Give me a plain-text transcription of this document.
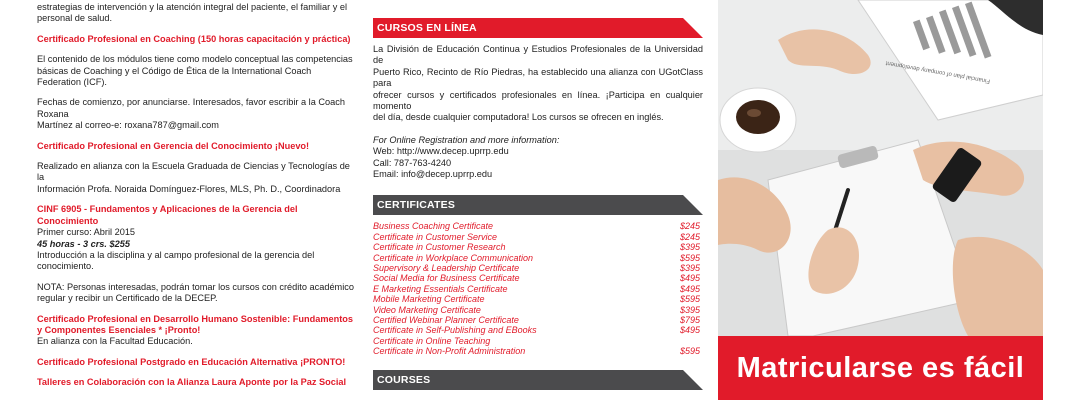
estrategias de intervención y la atención integral del paciente, el familiar y el
personal de salud.
Certificado Profesional en Coaching (150 horas capacitación y práctica)
El contenido de los módulos tiene como modelo conceptual las competencias
básicas de Coaching y el Código de Ética de la International Coach Federation (ICF).
Fechas de comienzo, por anunciarse. Interesados, favor escribir a la Coach Roxana
Martínez al correo-e: roxana787@gmail.com
Certificado Profesional en Gerencia del Conocimiento ¡Nuevo!
Realizado en alianza con la Escuela Graduada de Ciencias y Tecnologías de la
Información Profa. Noraida Domínguez-Flores, MLS, Ph. D., Coordinadora
CINF 6905 - Fundamentos y Aplicaciones de la Gerencia del
Conocimiento
Primer curso: Abril 2015
45 horas - 3 crs. $255
Introducción a la disciplina y al campo profesional de la gerencia del conocimiento.
NOTA: Personas interesadas, podrán tomar los cursos con crédito académico
regular y recibir un Certificado de la DECEP.
Certificado Profesional en Desarrollo Humano Sostenible: Fundamentos
y Componentes Esenciales * ¡Pronto!
En alianza con la Facultad Educación.
Certificado Profesional Postgrado en Educación Alternativa ¡PRONTO!
Talleres en Colaboración con la Alianza Laura Aponte por la Paz Social
CURSOS EN LÍNEA
La División de Educación Continua y Estudios Profesionales de la Universidad de
Puerto Rico, Recinto de Río Piedras, ha establecido una alianza con UGotClass para
ofrecer cursos y certificados profesionales en línea. ¡Participa en cualquier momento
del día, desde cualquier computadora! Los cursos se ofrecen en inglés.
For Online Registration and more information:
Web: http://www.decep.uprrp.edu
Call: 787-763-4240
Email: info@decep.uprrp.edu
CERTIFICATES
Business Coaching Certificate	$245
Certificate in Customer Service	$245
Certificate in Customer Research	$395
Certificate in Workplace Communication	$595
Supervisory & Leadership Certificate	$395
Social Media for Business Certificate	$495
E Marketing Essentials Certificate	$495
Mobile Marketing Certificate	$595
Video Marketing Certificate	$395
Certified Webinar Planner Certificate	$795
Certificate in Self-Publishing and EBooks	$495
Certificate in Online Teaching
Certificate in Non-Profit Administration	$595
COURSES
Financial plan of company development
Matricularse es fácil
